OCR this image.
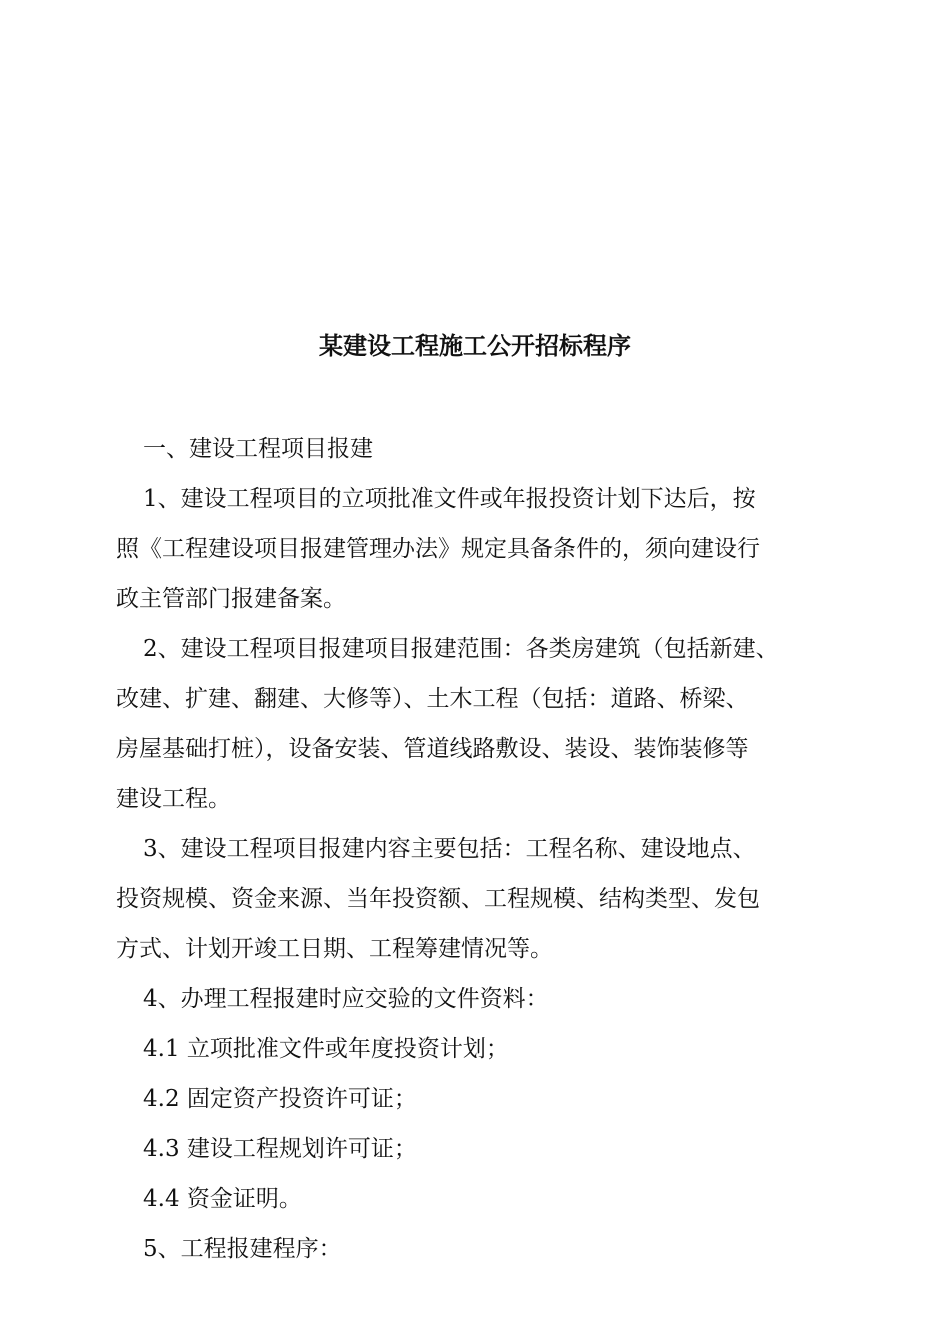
某建设工程施工公开招标程序
一、建设工程项目报建
1、建设工程项目的立项批准文件或年报投资计划下达后，按
照《工程建设项目报建管理办法》规定具备条件的，须向建设行
政主管部门报建备案。
2、建设工程项目报建项目报建范围：各类房建筑（包括新建、
改建、扩建、翻建、大修等）、土木工程（包括：道路、桥梁、
房屋基础打桩），设备安装、管道线路敷设、装设、装饰装修等
建设工程。
3、建设工程项目报建内容主要包括：工程名称、建设地点、
投资规模、资金来源、当年投资额、工程规模、结构类型、发包
方式、计划开竣工日期、工程筹建情况等。
4、办理工程报建时应交验的文件资料：
4.1 立项批准文件或年度投资计划；
4.2 固定资产投资许可证；
4.3 建设工程规划许可证；
4.4 资金证明。
5、工程报建程序：
